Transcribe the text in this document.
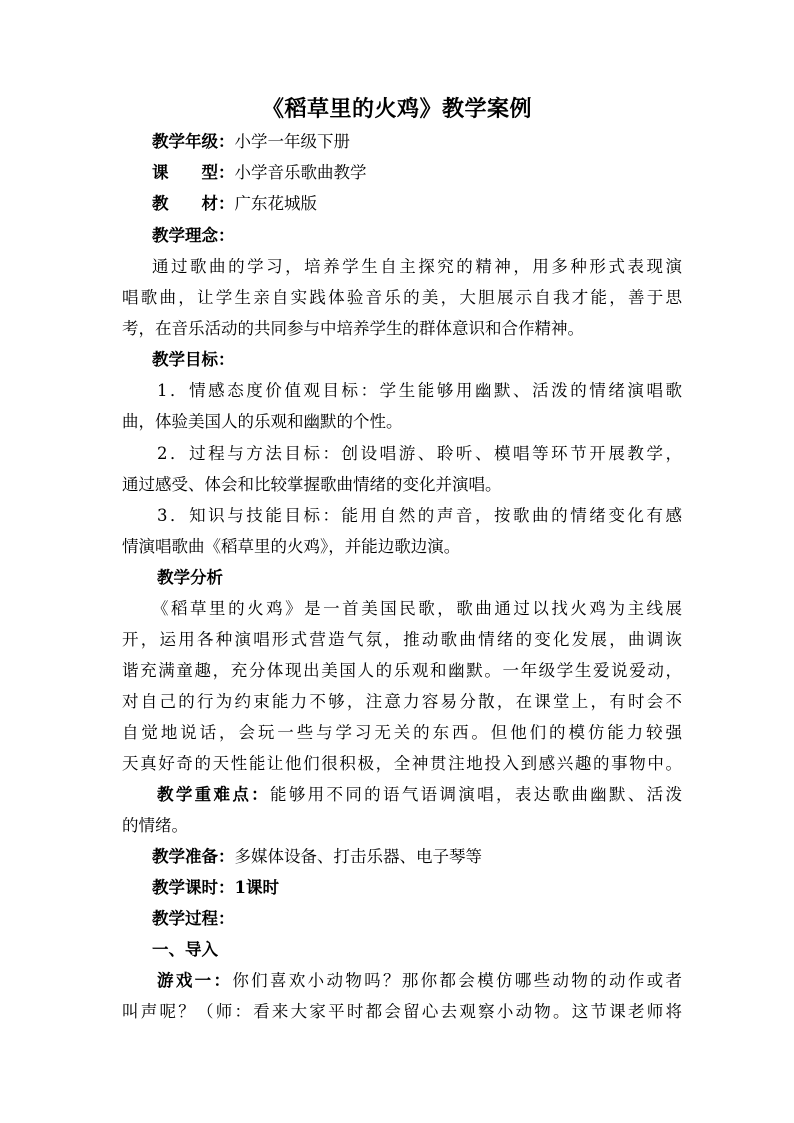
《稻草里的火鸡》教学案例
教学年级：小学一年级下册
课　　型：小学音乐歌曲教学
教　　材：广东花城版
教学理念：
通过歌曲的学习，培养学生自主探究的精神，用多种形式表现演
唱歌曲，让学生亲自实践体验音乐的美，大胆展示自我才能，善于思
考，在音乐活动的共同参与中培养学生的群体意识和合作精神。
教学目标：
1．情感态度价值观目标：学生能够用幽默、活泼的情绪演唱歌
曲，体验美国人的乐观和幽默的个性。
2．过程与方法目标：创设唱游、聆听、模唱等环节开展教学，
通过感受、体会和比较掌握歌曲情绪的变化并演唱。
3．知识与技能目标：能用自然的声音，按歌曲的情绪变化有感
情演唱歌曲《稻草里的火鸡》，并能边歌边演。
教学分析
《稻草里的火鸡》是一首美国民歌，歌曲通过以找火鸡为主线展
开，运用各种演唱形式营造气氛，推动歌曲情绪的变化发展，曲调诙
谐充满童趣，充分体现出美国人的乐观和幽默。一年级学生爱说爱动，
对自己的行为约束能力不够，注意力容易分散，在课堂上，有时会不
自觉地说话，会玩一些与学习无关的东西。但他们的模仿能力较强
天真好奇的天性能让他们很积极，全神贯注地投入到感兴趣的事物中。
教学重难点：能够用不同的语气语调演唱，表达歌曲幽默、活泼
的情绪。
教学准备：多媒体设备、打击乐器、电子琴等
教学课时：1课时
教学过程：
一、导入
游戏一：你们喜欢小动物吗？那你都会模仿哪些动物的动作或者
叫声呢？（师：看来大家平时都会留心去观察小动物。这节课老师将
